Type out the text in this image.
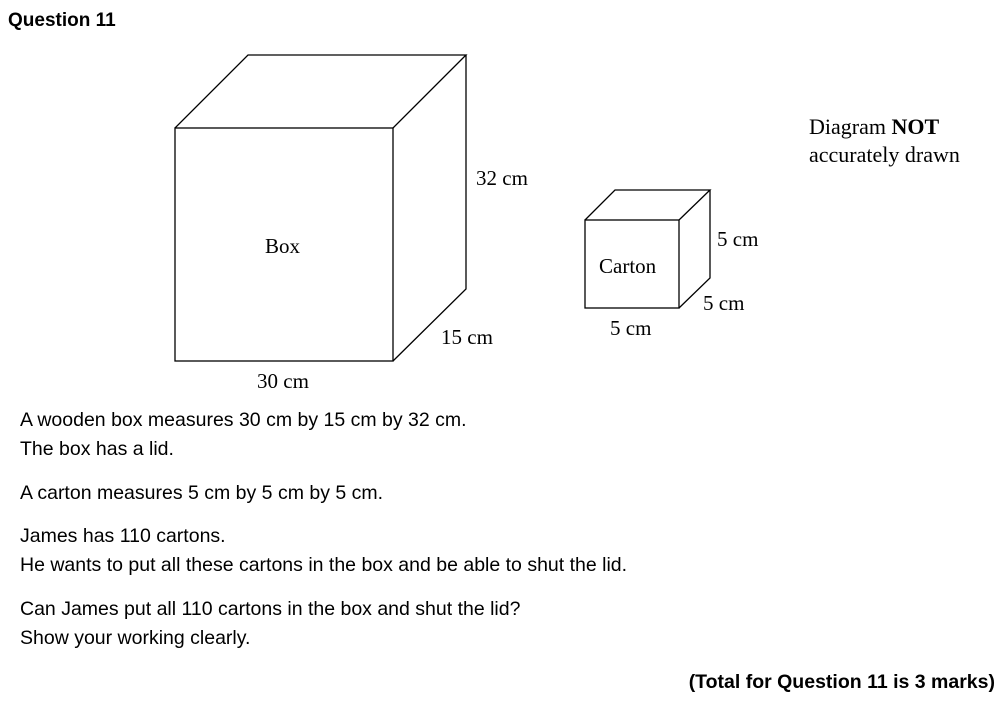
Question 11
Box
32 cm
15 cm
30 cm
Carton
5 cm
5 cm
5 cm
Diagram NOT
accurately drawn
A wooden box measures 30 cm by 15 cm by 32 cm.
The box has a lid.
A carton measures 5 cm by 5 cm by 5 cm.
James has 110 cartons.
He wants to put all these cartons in the box and be able to shut the lid.
Can James put all 110 cartons in the box and shut the lid?
Show your working clearly.
(Total for Question 11 is 3 marks)
